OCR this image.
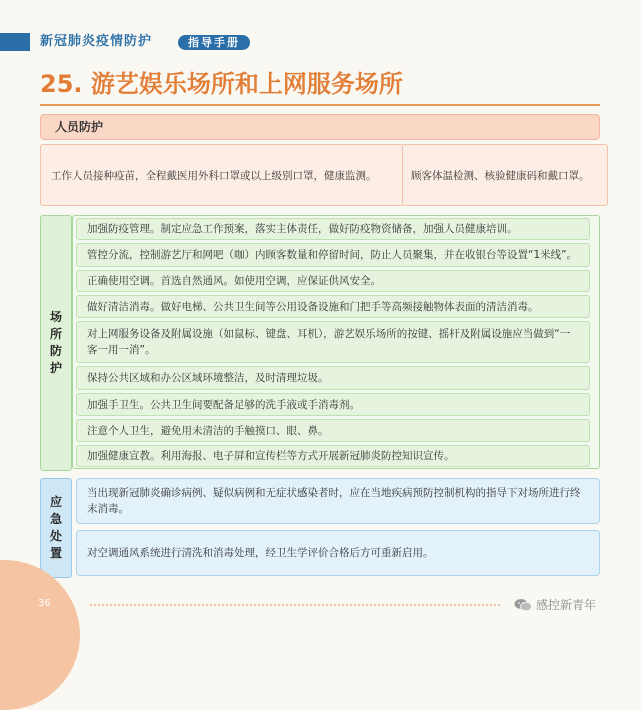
新冠肺炎疫情防护	指导手册
25. 游艺娱乐场所和上网服务场所
人员防护
工作人员接种疫苗，全程戴医用外科口罩或以上级别口罩，健康监测。	顾客体温检测、核验健康码和戴口罩。
场所防护
加强防疫管理。制定应急工作预案，落实主体责任，做好防疫物资储备，加强人员健康培训。
管控分流，控制游艺厅和网吧（咖）内顾客数量和停留时间，防止人员聚集，并在收银台等设置“1米线”。
正确使用空调。首选自然通风。如使用空调，应保证供风安全。
做好清洁消毒。做好电梯、公共卫生间等公用设备设施和门把手等高频接触物体表面的清洁消毒。
对上网服务设备及附属设施（如鼠标、键盘、耳机），游艺娱乐场所的按键、摇杆及附属设施应当做到“一客一用一消”。
保持公共区域和办公区域环境整洁，及时清理垃圾。
加强手卫生。公共卫生间要配备足够的洗手液或手消毒剂。
注意个人卫生，避免用未清洁的手触摸口、眼、鼻。
加强健康宣教。利用海报、电子屏和宣传栏等方式开展新冠肺炎防控知识宣传。
应急处置
当出现新冠肺炎确诊病例、疑似病例和无症状感染者时，应在当地疾病预防控制机构的指导下对场所进行终末消毒。
对空调通风系统进行清洗和消毒处理，经卫生学评价合格后方可重新启用。
36	感控新青年
